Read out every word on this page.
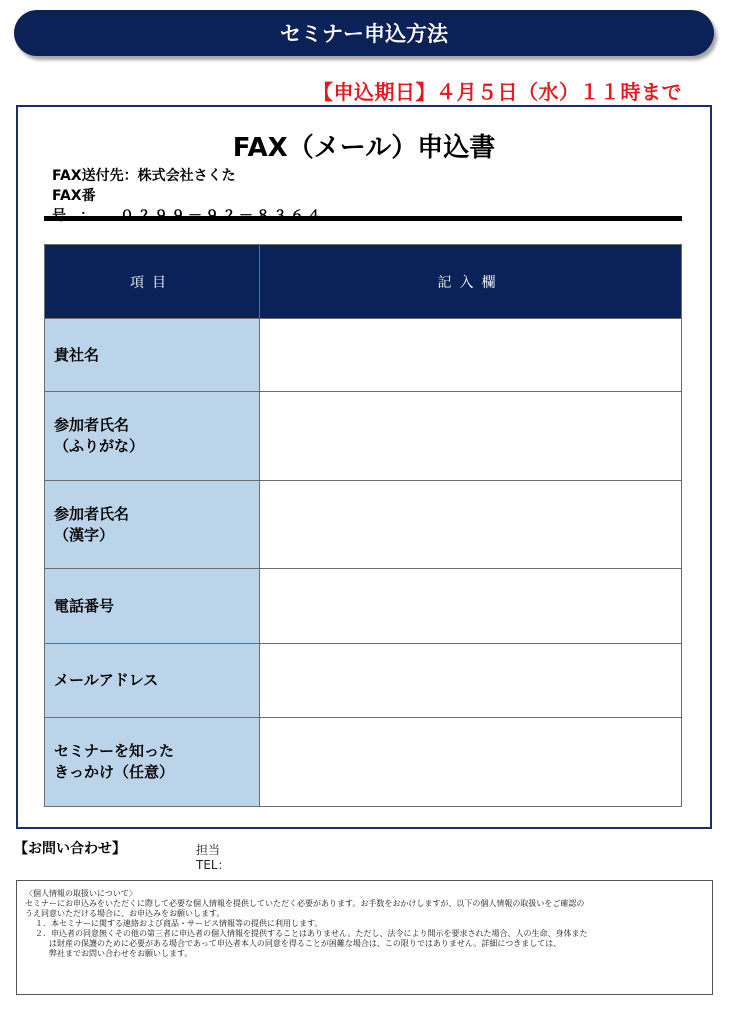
セミナー申込方法
【申込期日】４月５日（水）１１時まで
FAX（メール）申込書
FAX送付先：株式会社さくた
FAX番　
項目	記入欄

貴社名	

参加者氏名
（ふりがな）	

参加者氏名
（漢字）	

電話番号	

メールアドレス	

セミナーを知った
きっかけ（任意）	

【お問い合わせ】	担当
TEL：
〈個人情報の取扱いについて〉
セミナーにお申込みをいただくに際して必要な個人情報を提供していただく必要があります。お手数をおかけしますが、以下の個人情報の取扱いをご確認の
うえ同意いただける場合に、お申込みをお願いします。
１．本セミナーに関する連絡および商品・サービス情報等の提供に利用します。
２．申込者の同意無くその他の第三者に申込者の個人情報を提供することはありません。ただし、法令により開示を要求された場合、人の生命、身体また
は財産の保護のために必要がある場合であって申込者本人の同意を得ることが困難な場合は、この限りではありません。詳細につきましては、
弊社までお問い合わせをお願いします。
